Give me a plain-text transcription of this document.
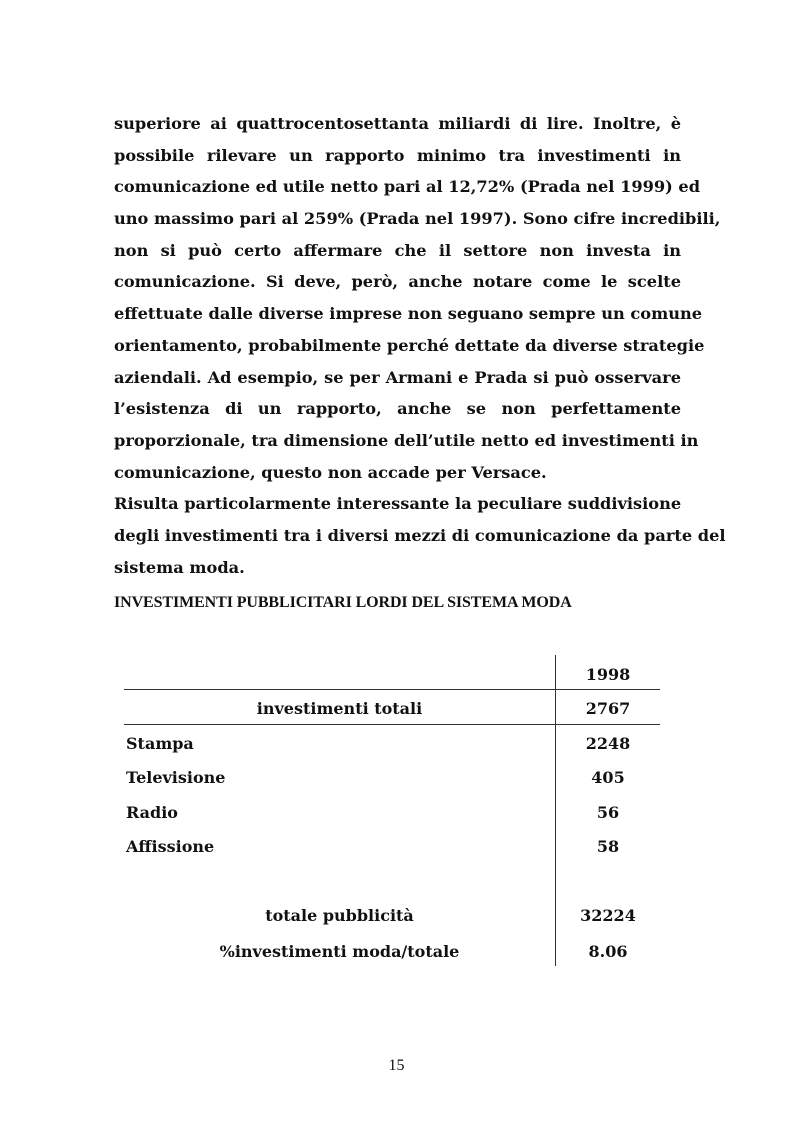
superiore ai quattrocentosettanta miliardi di lire. Inoltre, è
possibile rilevare un rapporto minimo tra investimenti in
comunicazione ed utile netto pari al 12,72% (Prada nel 1999) ed
uno massimo pari al 259% (Prada nel 1997). Sono cifre incredibili,
non si può certo affermare che il settore non investa in
comunicazione. Si deve, però, anche notare come le scelte
effettuate dalle diverse imprese non seguano sempre un comune
orientamento, probabilmente perché dettate da diverse strategie
aziendali. Ad esempio, se per Armani e Prada si può osservare
l’esistenza di un rapporto, anche se non perfettamente
proporzionale, tra dimensione dell’utile netto ed investimenti in
comunicazione, questo non accade per Versace.
Risulta particolarmente interessante la peculiare suddivisione
degli investimenti tra i diversi mezzi di comunicazione da parte del
sistema moda.
INVESTIMENTI PUBBLICITARI LORDI DEL SISTEMA MODA
1998
investimenti totali	2767
Stampa	2248
Televisione	405
Radio	56
Affissione	58
totale pubblicità	32224
%investimenti moda/totale	8.06
15
